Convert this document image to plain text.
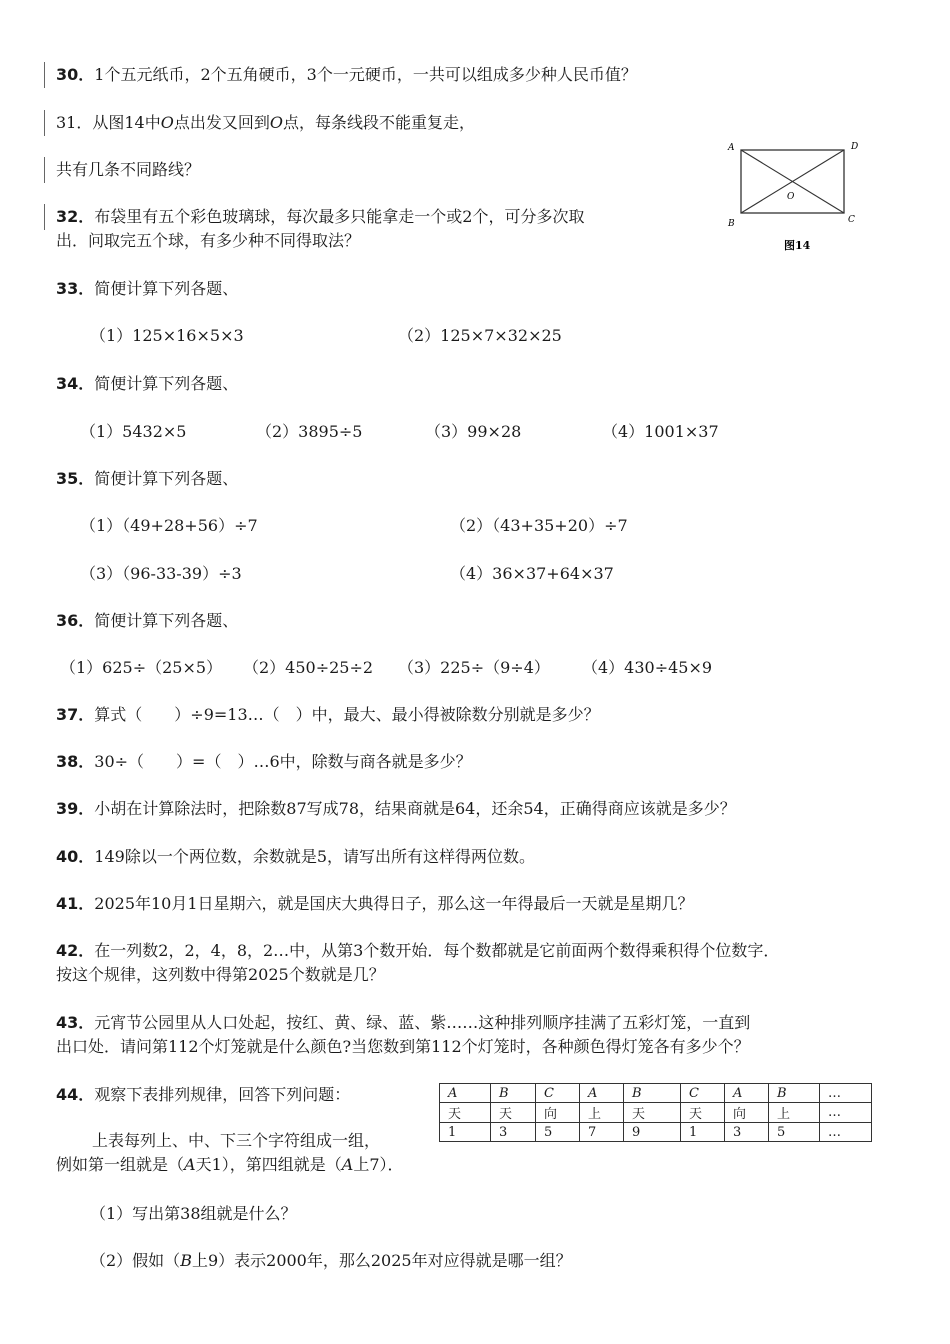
30．1个五元纸币，2个五角硬币，3个一元硬币，一共可以组成多少种人民币值？
31．从图14中O点出发又回到O点，每条线段不能重复走，
共有几条不同路线？
A	D
B	C
O
图14
32．布袋里有五个彩色玻璃球，每次最多只能拿走一个或2个，可分多次取
出．问取完五个球，有多少种不同得取法？
33．简便计算下列各题、
（1）125×16×5×3	（2）125×7×32×25
34．简便计算下列各题、
（1）5432×5	（2）3895÷5	（3）99×28	（4）1001×37
35．简便计算下列各题、
（1）（49+28+56）÷7	（2）（43+35+20）÷7
（3）（96-33-39）÷3	（4）36×37+64×37
36．简便计算下列各题、
（1）625÷（25×5） （2）450÷25÷2 （3）225÷（9÷4） （4）430÷45×9
37．算式（　　）÷9=13…（　）中，最大、最小得被除数分别就是多少？
38．30÷（　　）=（　）…6中，除数与商各就是多少？
39．小胡在计算除法时，把除数87写成78，结果商就是64，还余54，正确得商应该就是多少？
40．149除以一个两位数，余数就是5，请写出所有这样得两位数。
41．2025年10月1日星期六，就是国庆大典得日子，那么这一年得最后一天就是星期几？
42．在一列数2，2，4，8，2…中，从第3个数开始．每个数都就是它前面两个数得乘积得个位数字．
按这个规律，这列数中得第2025个数就是几？
43．元宵节公园里从人口处起，按红、黄、绿、蓝、紫……这种排列顺序挂满了五彩灯笼，一直到
出口处．请问第112个灯笼就是什么颜色?当您数到第112个灯笼时，各种颜色得灯笼各有多少个？
44．观察下表排列规律，回答下列问题：	A	B	C	A	B	C	A	B	…
天	天	向	上	天	天	向	上	…
1	3	5	7	9	1	3	5	…
上表每列上、中、下三个字符组成一组，
例如第一组就是（A天1），第四组就是（A上7）．
（1）写出第38组就是什么？
（2）假如（B上9）表示2000年，那么2025年对应得就是哪一组？
